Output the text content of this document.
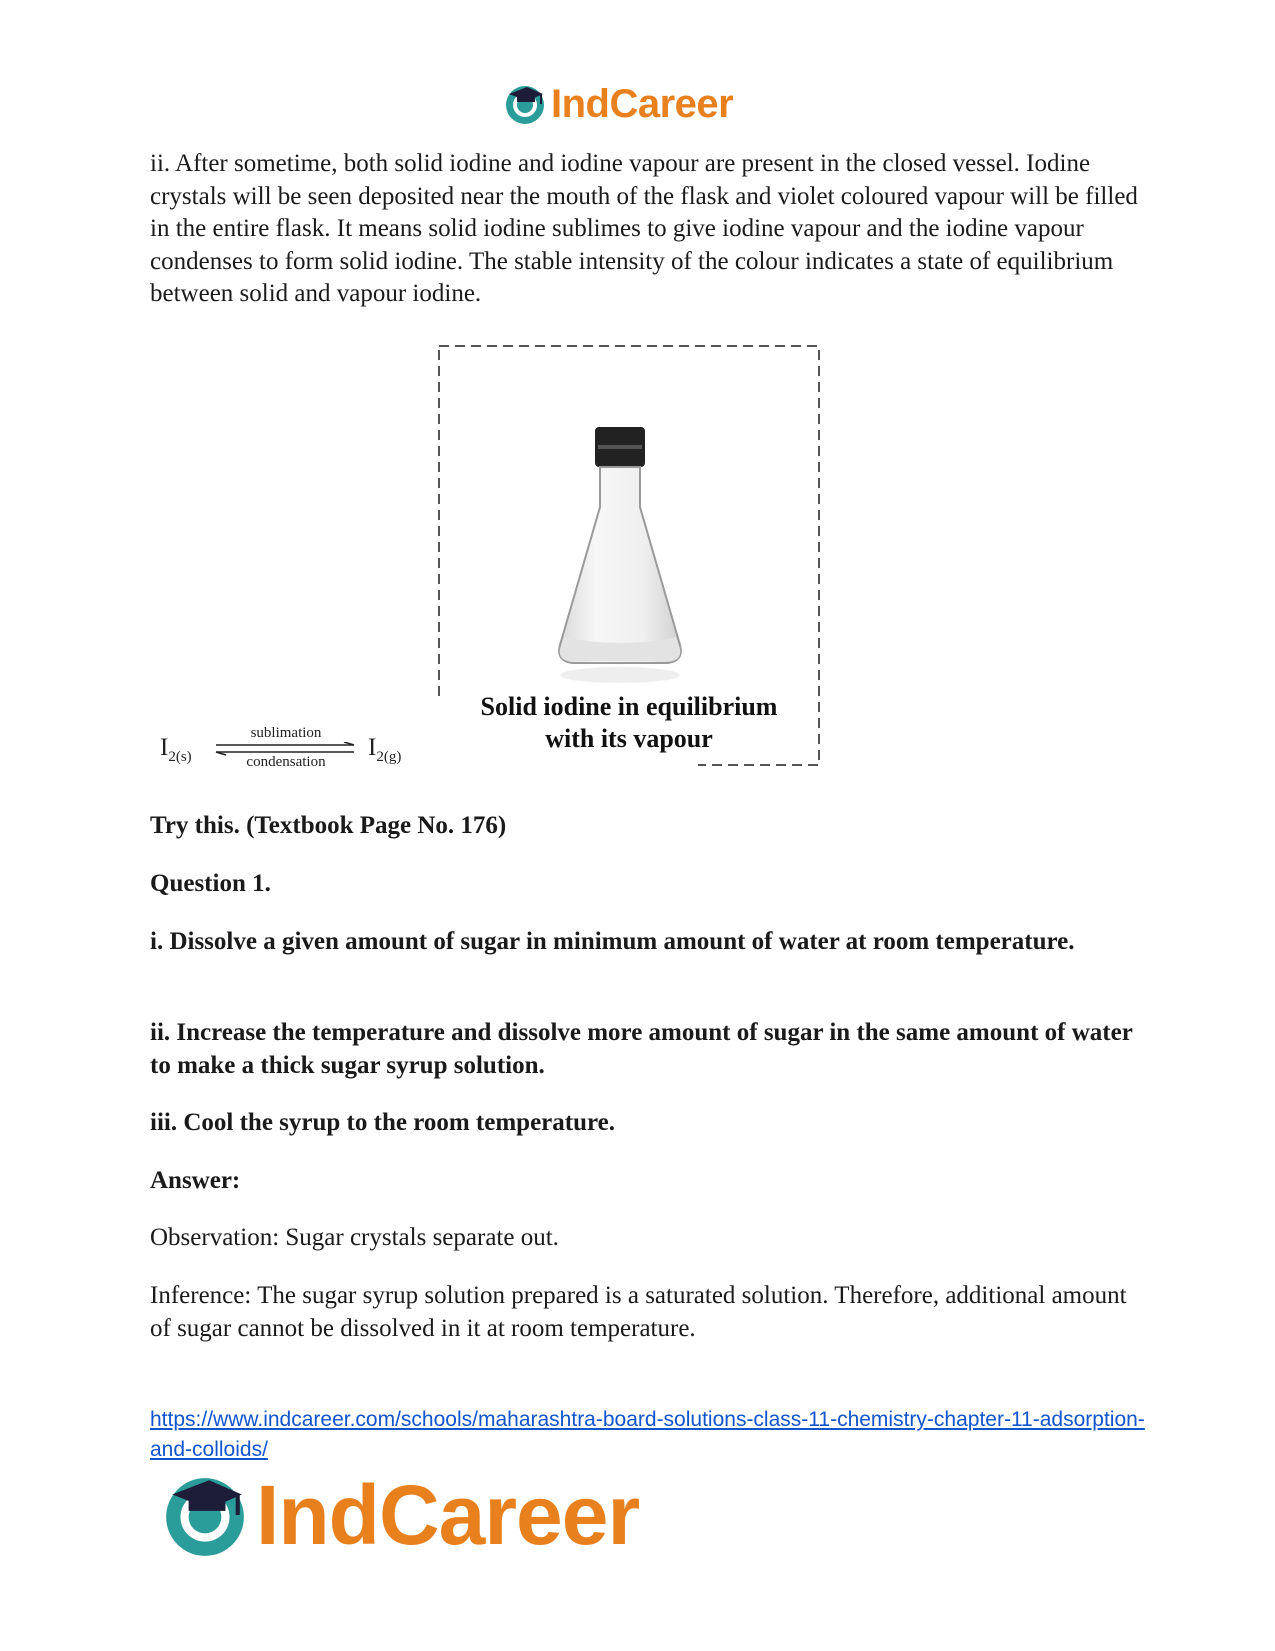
IndCareer

ii. After sometime, both solid iodine and iodine vapour are present in the closed vessel. Iodine crystals will be seen deposited near the mouth of the flask and violet coloured vapour will be filled in the entire flask. It means solid iodine sublimes to give iodine vapour and the iodine vapour condenses to form solid iodine. The stable intensity of the colour indicates a state of equilibrium between solid and vapour iodine.

Solid iodine in equilibrium
with its vapour
$I_{2(s)}$
sublimation
condensation
$I_{2(g)}$

Try this. (Textbook Page No. 176)

Question 1.

i. Dissolve a given amount of sugar in minimum amount of water at room temperature.

ii. Increase the temperature and dissolve more amount of sugar in the same amount of water to make a thick sugar syrup solution.

iii. Cool the syrup to the room temperature.

Answer:

Observation: Sugar crystals separate out.

Inference: The sugar syrup solution prepared is a saturated solution. Therefore, additional amount of sugar cannot be dissolved in it at room temperature.

https://www.indcareer.com/schools/maharashtra-board-solutions-class-11-chemistry-chapter-11-adsorption-and-colloids/
IndCareer
